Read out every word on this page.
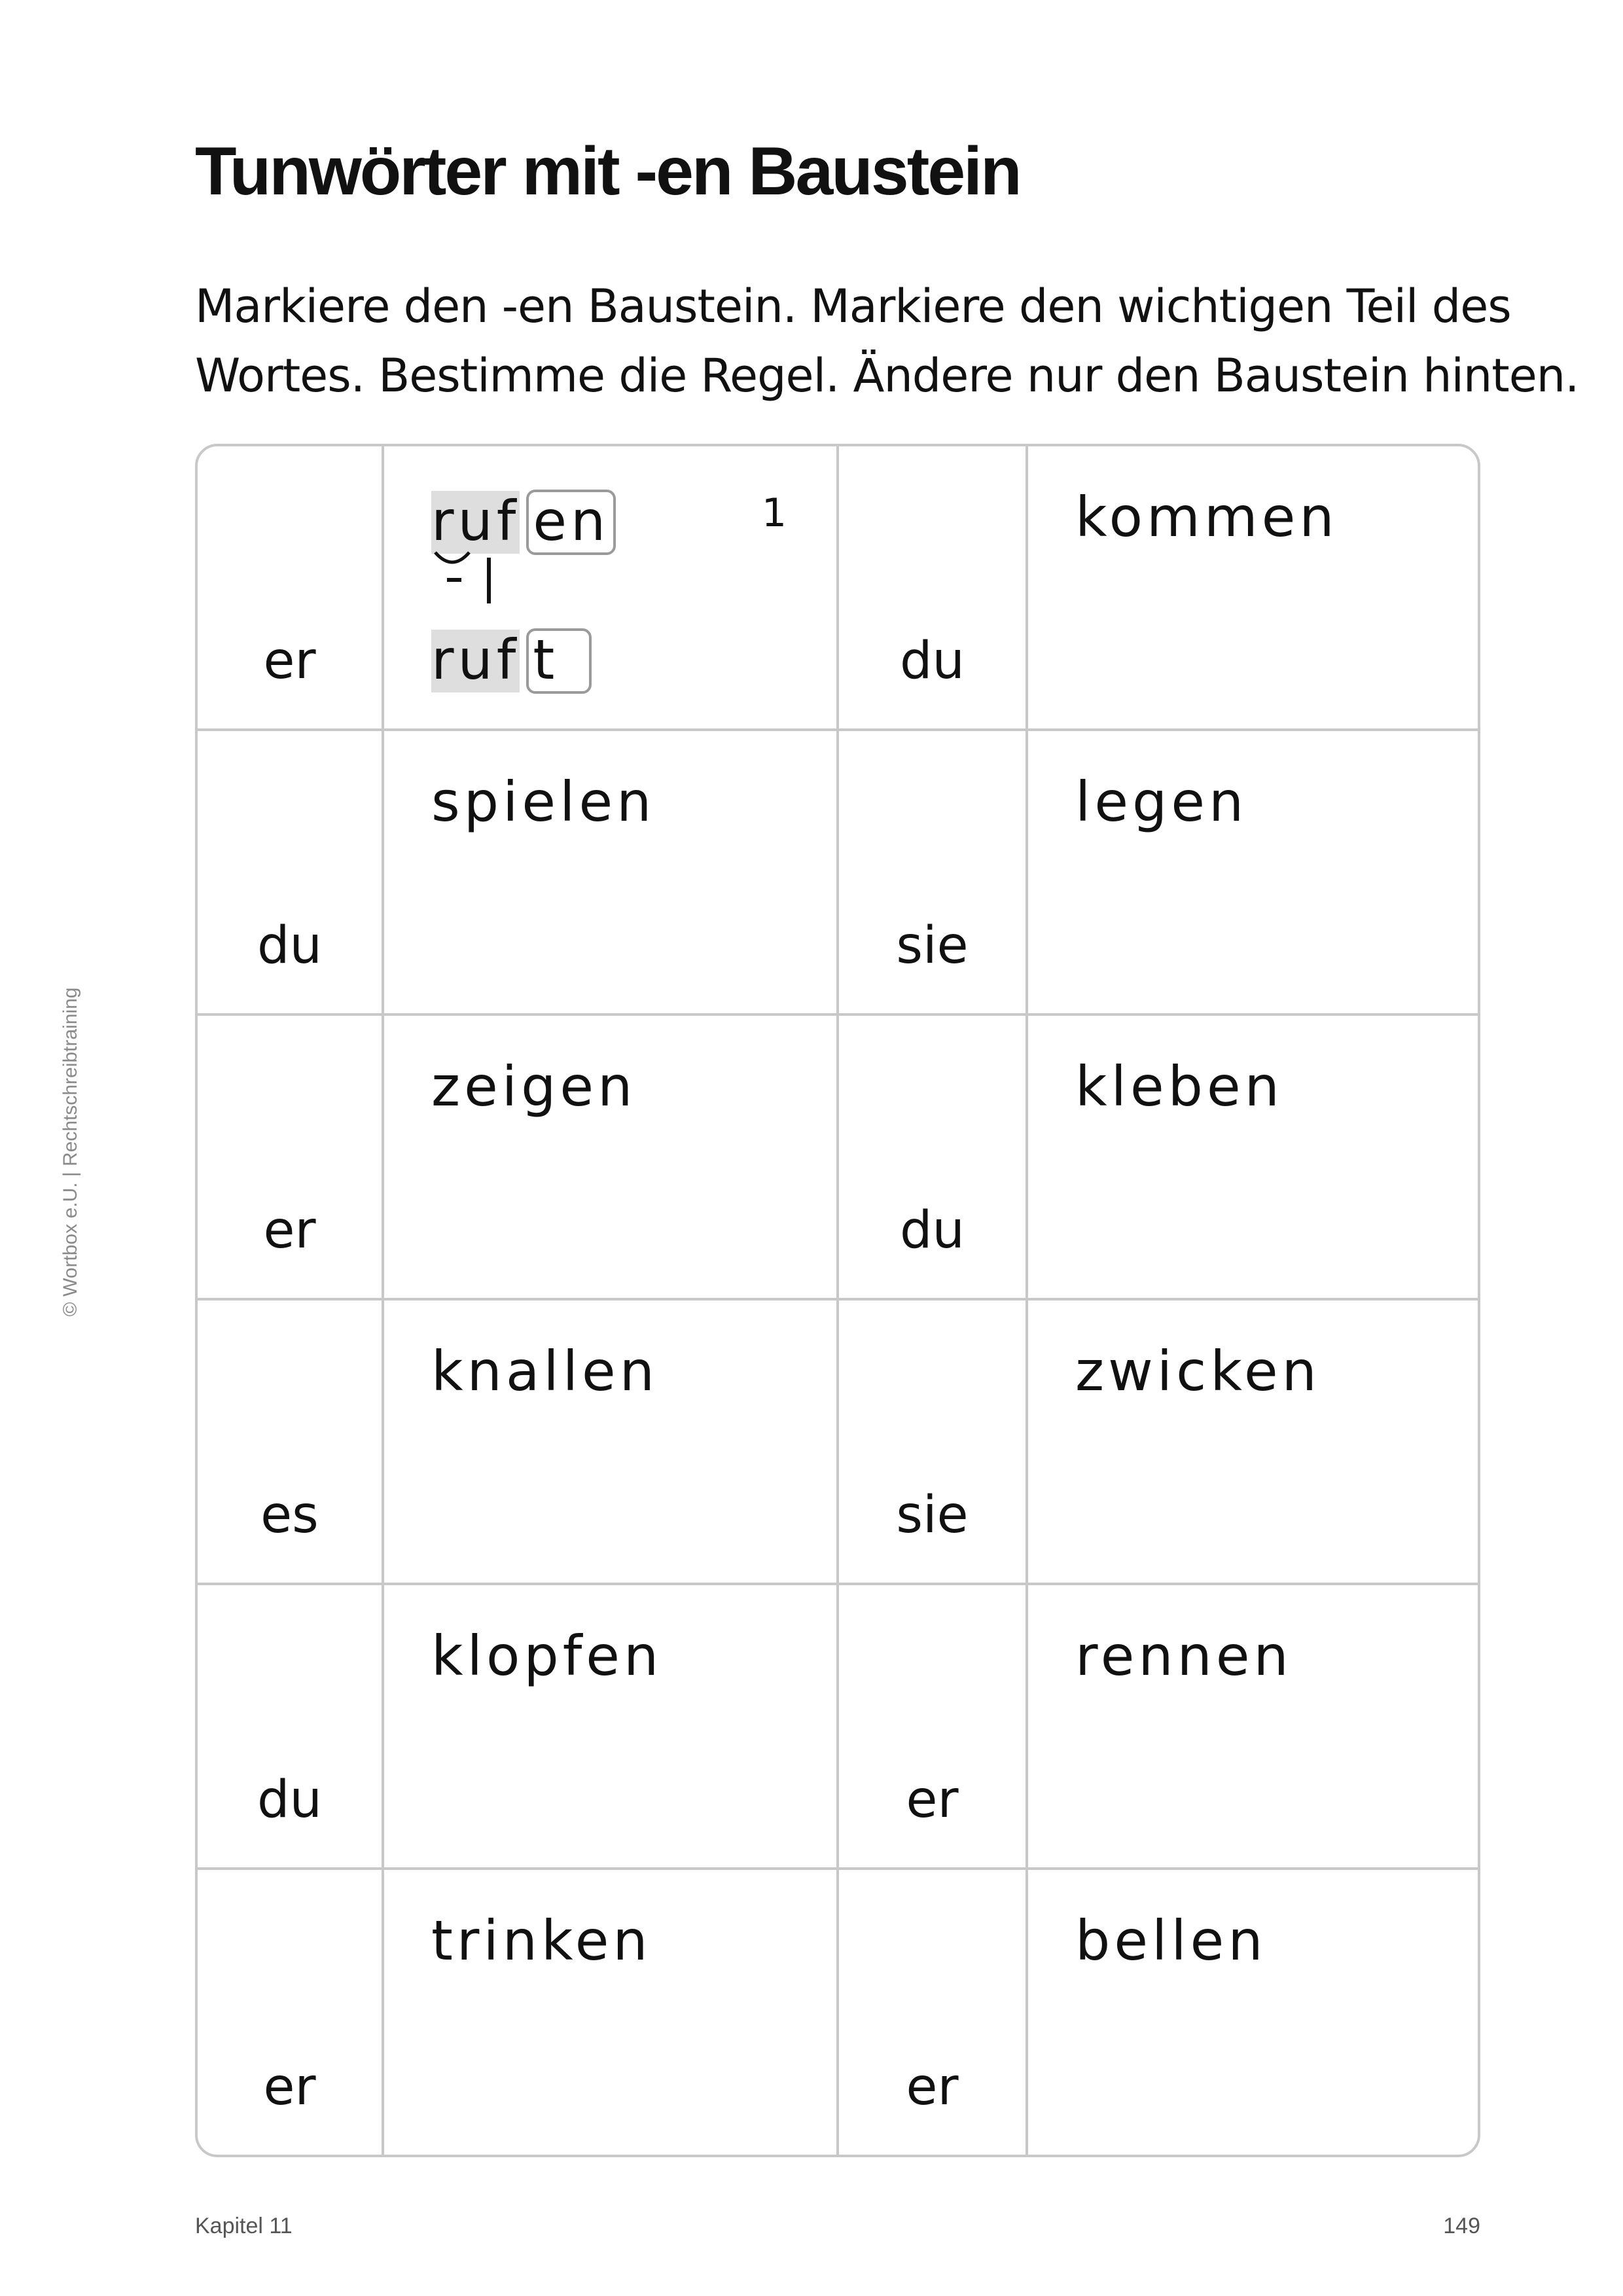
Tunwörter mit -en Baustein
Markiere den -en Baustein. Markiere den wichtigen Teil des
Wortes. Bestimme die Regel. Ändere nur den Baustein hinten.
© Wortbox e.U. | Rechtschreibtraining
er
ruf en
ruf t
1
du
kommen
du
spielen
sie
legen
er
zeigen
du
kleben
es
knallen
sie
zwicken
du
klopfen
er
rennen
er
trinken
er
bellen
Kapitel 11	149
